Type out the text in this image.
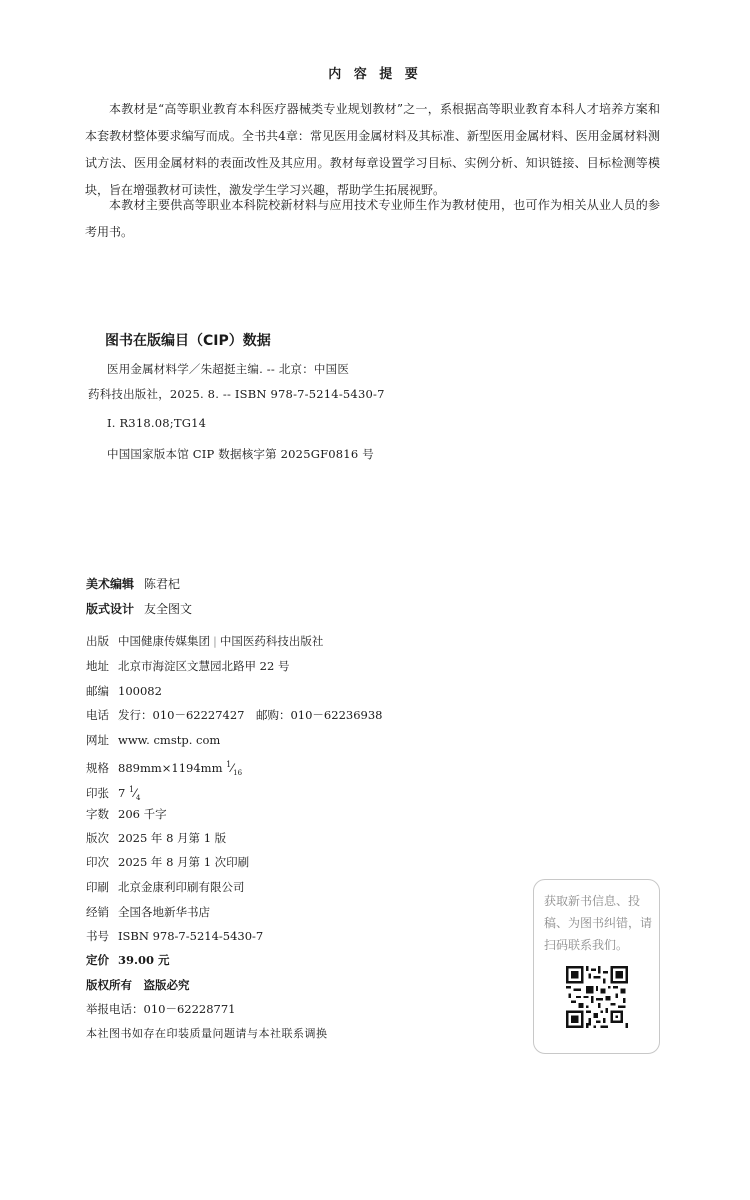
内 容 提 要
本教材是“高等职业教育本科医疗器械类专业规划教材”之一，系根据高等职业教育本科人才培养方案和本套教材整体要求编写而成。全书共4章：常见医用金属材料及其标准、新型医用金属材料、医用金属材料测试方法、医用金属材料的表面改性及其应用。教材每章设置学习目标、实例分析、知识链接、目标检测等模块，旨在增强教材可读性，激发学生学习兴趣，帮助学生拓展视野。
本教材主要供高等职业本科院校新材料与应用技术专业师生作为教材使用，也可作为相关从业人员的参考用书。
图书在版编目（CIP）数据
医用金属材料学／朱超挺主编. -- 北京：中国医
药科技出版社，2025. 8. -- ISBN 978-7-5214-5430-7
Ⅰ. R318.08;TG14
中国国家版本馆 CIP 数据核字第 2025GF0816 号
美术编辑 陈君杞
版式设计 友全图文
出版 中国健康传媒集团 | 中国医药科技出版社
地址 北京市海淀区文慧园北路甲 22 号
邮编 100082
电话 发行：010－62227427　邮购：010－62236938
网址 www. cmstp. com
规格 889mm×1194mm $^1⁄_{16}$
印张 7 $^1⁄_4$
字数 206 千字
版次 2025 年 8 月第 1 版
印次 2025 年 8 月第 1 次印刷
印刷 北京金康利印刷有限公司
经销 全国各地新华书店
书号 ISBN 978-7-5214-5430-7
定价 39.00 元
版权所有　盗版必究
举报电话：010－62228771
本社图书如存在印装质量问题请与本社联系调换
获取新书信息、投稿、为图书纠错，请扫码联系我们。
